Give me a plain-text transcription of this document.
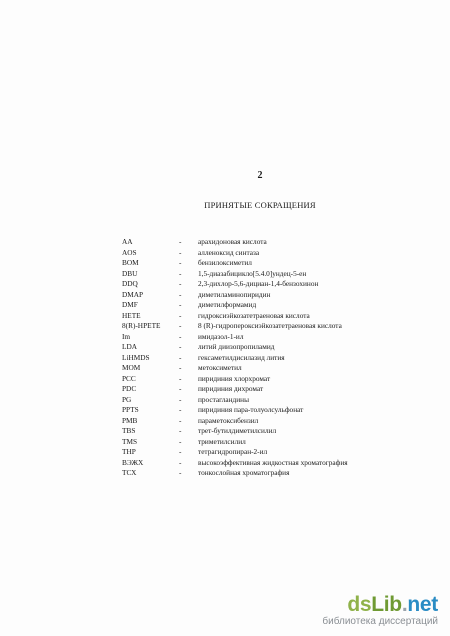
2
ПРИНЯТЫЕ СОКРАЩЕНИЯ
AA	-	арахидоновая кислота
AOS	-	алленоксид синтаза
BOM	-	бензилоксиметил
DBU	-	1,5-диазабицикло[5.4.0]ундец-5-ен
DDQ	-	2,3-дихлор-5,6-дициан-1,4-бензохинон
DMAP	-	диметиламинопиридин
DMF	-	диметилформамид
HETE	-	гидроксиэйкозатетраеновая кислота
8(R)-HPETE	-	8 (R)-гидропероксиэйкозатетраеновая кислота
Im	-	имидазол-1-ил
LDA	-	литий диизопропиламид
LiHMDS	-	гексаметилдисилазид лития
MOM	-	метоксиметил
PCC	-	пиридиния хлорхромат
PDC	-	пиридиния дихромат
PG	-	простагландины
PPTS	-	пиридиния пара-толуолсульфонат
PMB	-	параметоксибензил
TBS	-	трет-бутилдиметилсилил
TMS	-	триметилсилил
THP	-	тетрагидропиран-2-ил
ВЭЖХ	-	высокоэффективная жидкостная хроматография
ТСХ	-	тонкослойная хроматография
dsLib.net
библиотека диссертаций
